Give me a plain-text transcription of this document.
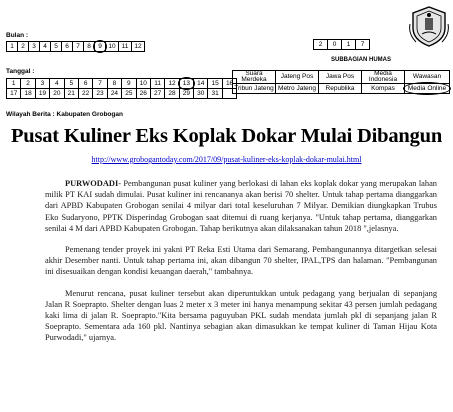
Bulan :
1	2	3	4	5	6	7	8	9	10	11	12	2	0	1	7
SUBBAGIAN HUMAS
Tanggal :
1	2	3	4	5	6	7	8	9	10	11	12	13	14	15	16
17	18	19	20	21	22	23	24	25	26	27	28	29	30	31	
Suara Merdeka	Jateng Pos	Jawa Pos	Media Indonesia	Wawasan
Tribun Jateng	Metro Jateng	Republika	Kompas	Media Online
Wilayah Berita : Kabupaten Grobogan
Pusat Kuliner Eks Koplak Dokar Mulai Dibangun
http://www.grobogantoday.com/2017/09/pusat-kuliner-eks-koplak-dokar-mulai.html

PURWODADI- Pembangunan pusat kuliner yang berlokasi di lahan eks koplak dokar yang merupakan lahan milik PT KAI sudah dimulai. Pusat kuliner ini rencananya akan berisi 70 shelter. Untuk tahap pertama dianggarkan dari APBD Kabupaten Grobogan senilai 4 milyar dari total keseluruhan 7 Milyar. Demikian diungkapkan Trubus Eko Sudaryono, PPTK Disperindag Grobogan saat ditemui di ruang kerjanya. "Untuk tahap pertama, dianggarkan senilai 4 M dari APBD Kabupaten Grobogan. Tahap berikutnya akan dilaksanakan tahun 2018 ",jelasnya.

Pemenang tender proyek ini yakni PT Reka Esti Utama dari Semarang. Pembangunannya ditargetkan selesai akhir Desember nanti. Untuk tahap pertama ini, akan dibangun 70 shelter, IPAL,TPS dan halaman. "Pembangunan ini disesuaikan dengan kondisi keuangan daerah," tambahnya.

Menurut rencana, pusat kuliner tersebut akan diperuntukkan untuk pedagang yang berjualan di sepanjang Jalan R Soeprapto. Shelter dengan luas 2 meter x 3 meter ini hanya menampung sekitar 43 persen jumlah pedagang kaki lima di jalan R. Soeprapto."Kita bersama paguyuban PKL sudah mendata jumlah pkl di sepanjang jalan R Soeprapto. Sementara ada 160 pkl. Nantinya sebagian akan dimasukkan ke tempat kuliner di Taman Hijau Kota Purwodadi," ujarnya.
